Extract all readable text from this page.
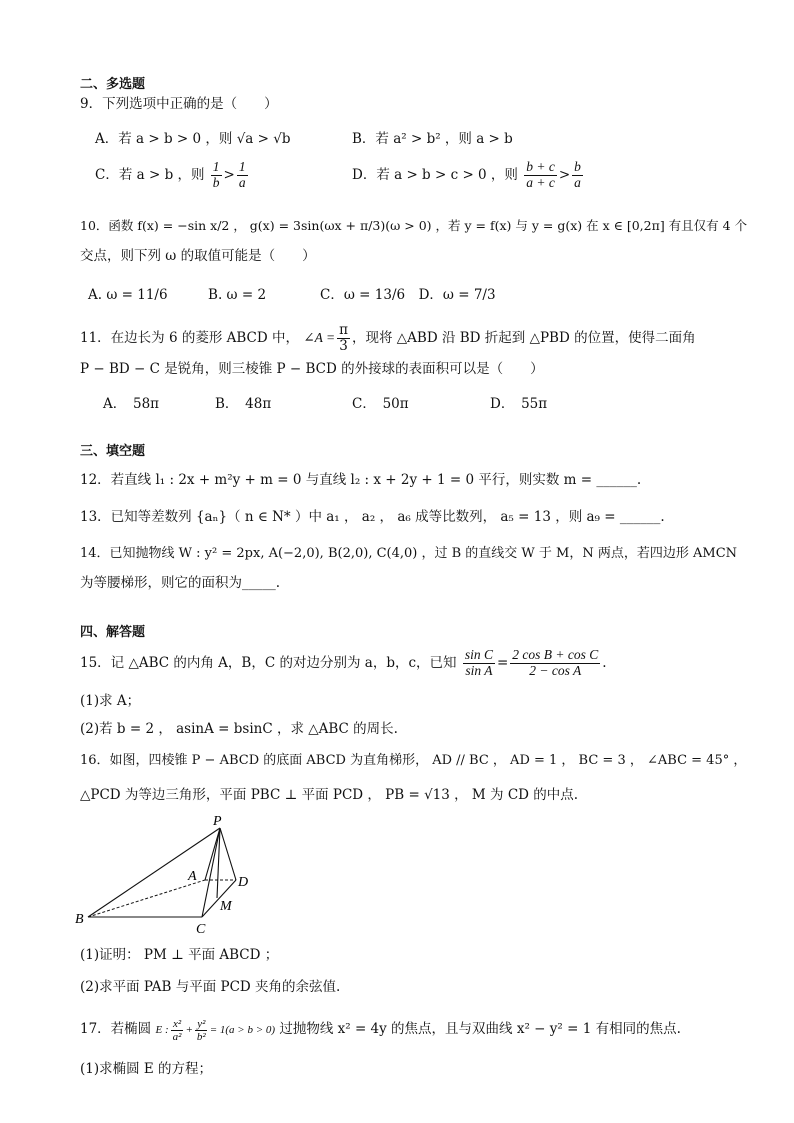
二、多选题
9．下列选项中正确的是（　　）
A．若 a > b > 0 ，则 √a > √b	B．若 a² > b² ，则 a > b
C．若 a > b ，则 $\frac{1}{b} > \frac{1}{a}$	D．若 a > b > c > 0 ，则 $\frac{b + c}{a + c} > \frac{b}{a}$
10．函数 f(x) = −sin x/2 ， g(x) = 3sin(ωx + π/3)(ω > 0) ，若 y = f(x) 与 y = g(x) 在 x ∈ [0,2π] 有且仅有 4 个
交点，则下列 ω 的取值可能是（　　）
A. ω = 11/6　　　B. ω = 2　　　　C．ω = 13/6　D．ω = 7/3
11．在边长为 6 的菱形 ABCD 中， ∠A = $\frac{\pi}{3}$ ，现将 △ABD 沿 BD 折起到 △PBD 的位置，使得二面角
P − BD − C 是锐角，则三棱锥 P − BCD 的外接球的表面积可以是（　　）
A．　58π	B．　48π	C．　50π	D．　55π
三、填空题
12．若直线 l₁ : 2x + m²y + m = 0 与直线 l₂ : x + 2y + 1 = 0 平行，则实数 m = ______.
13．已知等差数列 {aₙ}（ n ∈ N* ）中 a₁ ， a₂ ， a₆ 成等比数列， a₅ = 13 ，则 a₉ = ______.
14．已知抛物线 W : y² = 2px, A(−2,0), B(2,0), C(4,0) ，过 B 的直线交 W 于 M，N 两点，若四边形 AMCN
为等腰梯形，则它的面积为_____.
四、解答题
15．记 △ABC 的内角 A，B，C 的对边分别为 a，b，c，已知 $\frac{\text{sin C}}{\text{sin A}} = \frac{\text{2 cos B + cos C}}{\text{2 − cos A}}$ .
(1)求 A；
(2)若 b = 2 ， asinA = bsinC ，求 △ABC 的周长.
16．如图，四棱锥 P − ABCD 的底面 ABCD 为直角梯形， AD // BC ， AD = 1 ， BC = 3 ， ∠ABC = 45° ，
△PCD 为等边三角形，平面 PBC ⊥ 平面 PCD ， PB = √13 ， M 为 CD 的中点.
P
A	D
M
B
C
(1)证明： PM ⊥ 平面 ABCD ；
(2)求平面 PAB 与平面 PCD 夹角的余弦值.
17．若椭圆 E : $\frac{\text{x²}}{\text{a²}} + \frac{\text{y²}}{\text{b²}} = 1(a > b > 0)$ 过抛物线 x² = 4y 的焦点，且与双曲线 x² − y² = 1 有相同的焦点.
(1)求椭圆 E 的方程；
